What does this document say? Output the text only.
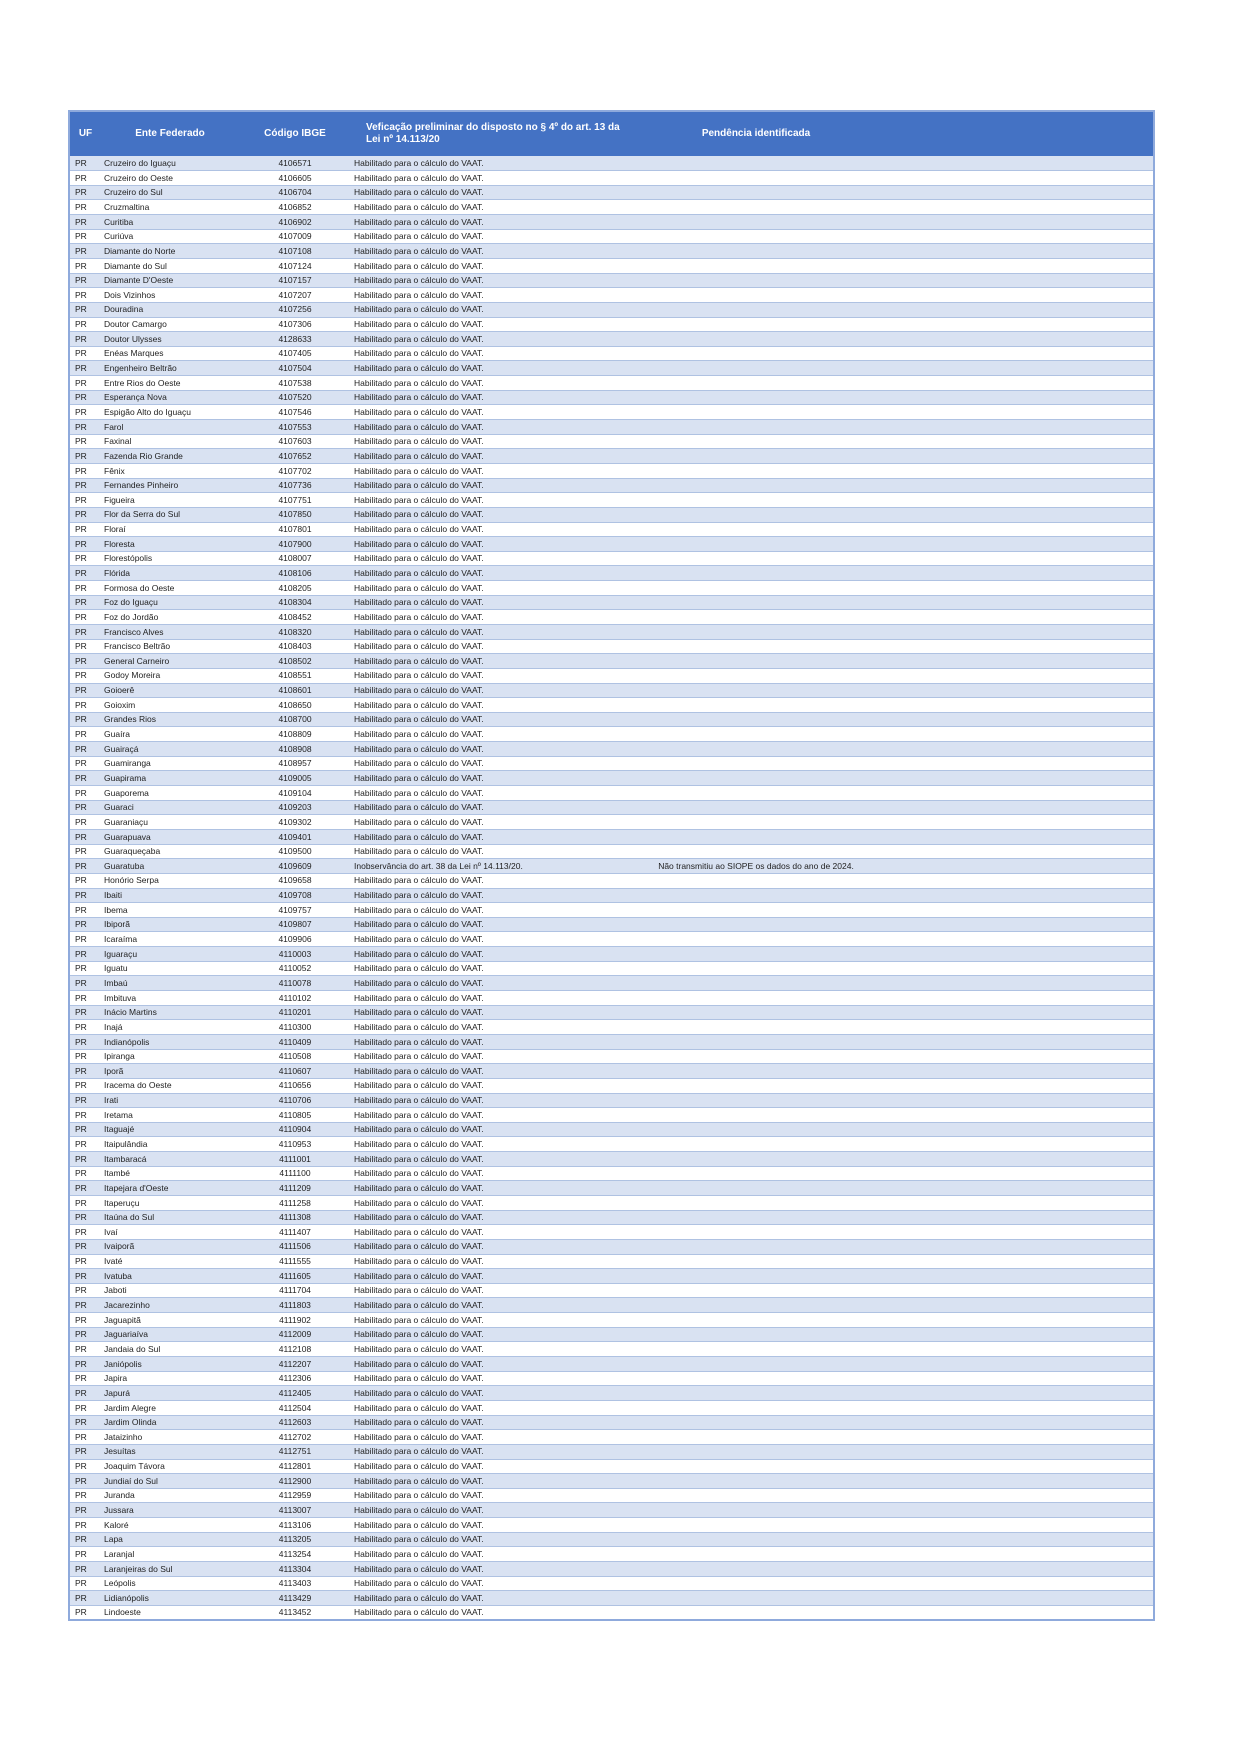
UF	Ente Federado	Código IBGE	Veficação preliminar do disposto no § 4º do art. 13 da Lei nº 14.113/20	Pendência identificada	
PR	Cruzeiro do Iguaçu	4106571	Habilitado para o cálculo do VAAT.		
PR	Cruzeiro do Oeste	4106605	Habilitado para o cálculo do VAAT.		
PR	Cruzeiro do Sul	4106704	Habilitado para o cálculo do VAAT.		
PR	Cruzmaltina	4106852	Habilitado para o cálculo do VAAT.		
PR	Curitiba	4106902	Habilitado para o cálculo do VAAT.		
PR	Curiúva	4107009	Habilitado para o cálculo do VAAT.		
PR	Diamante do Norte	4107108	Habilitado para o cálculo do VAAT.		
PR	Diamante do Sul	4107124	Habilitado para o cálculo do VAAT.		
PR	Diamante D'Oeste	4107157	Habilitado para o cálculo do VAAT.		
PR	Dois Vizinhos	4107207	Habilitado para o cálculo do VAAT.		
PR	Douradina	4107256	Habilitado para o cálculo do VAAT.		
PR	Doutor Camargo	4107306	Habilitado para o cálculo do VAAT.		
PR	Doutor Ulysses	4128633	Habilitado para o cálculo do VAAT.		
PR	Enéas Marques	4107405	Habilitado para o cálculo do VAAT.		
PR	Engenheiro Beltrão	4107504	Habilitado para o cálculo do VAAT.		
PR	Entre Rios do Oeste	4107538	Habilitado para o cálculo do VAAT.		
PR	Esperança Nova	4107520	Habilitado para o cálculo do VAAT.		
PR	Espigão Alto do Iguaçu	4107546	Habilitado para o cálculo do VAAT.		
PR	Farol	4107553	Habilitado para o cálculo do VAAT.		
PR	Faxinal	4107603	Habilitado para o cálculo do VAAT.		
PR	Fazenda Rio Grande	4107652	Habilitado para o cálculo do VAAT.		
PR	Fênix	4107702	Habilitado para o cálculo do VAAT.		
PR	Fernandes Pinheiro	4107736	Habilitado para o cálculo do VAAT.		
PR	Figueira	4107751	Habilitado para o cálculo do VAAT.		
PR	Flor da Serra do Sul	4107850	Habilitado para o cálculo do VAAT.		
PR	Floraí	4107801	Habilitado para o cálculo do VAAT.		
PR	Floresta	4107900	Habilitado para o cálculo do VAAT.		
PR	Florestópolis	4108007	Habilitado para o cálculo do VAAT.		
PR	Flórida	4108106	Habilitado para o cálculo do VAAT.		
PR	Formosa do Oeste	4108205	Habilitado para o cálculo do VAAT.		
PR	Foz do Iguaçu	4108304	Habilitado para o cálculo do VAAT.		
PR	Foz do Jordão	4108452	Habilitado para o cálculo do VAAT.		
PR	Francisco Alves	4108320	Habilitado para o cálculo do VAAT.		
PR	Francisco Beltrão	4108403	Habilitado para o cálculo do VAAT.		
PR	General Carneiro	4108502	Habilitado para o cálculo do VAAT.		
PR	Godoy Moreira	4108551	Habilitado para o cálculo do VAAT.		
PR	Goioerê	4108601	Habilitado para o cálculo do VAAT.		
PR	Goioxim	4108650	Habilitado para o cálculo do VAAT.		
PR	Grandes Rios	4108700	Habilitado para o cálculo do VAAT.		
PR	Guaíra	4108809	Habilitado para o cálculo do VAAT.		
PR	Guairaçá	4108908	Habilitado para o cálculo do VAAT.		
PR	Guamiranga	4108957	Habilitado para o cálculo do VAAT.		
PR	Guapirama	4109005	Habilitado para o cálculo do VAAT.		
PR	Guaporema	4109104	Habilitado para o cálculo do VAAT.		
PR	Guaraci	4109203	Habilitado para o cálculo do VAAT.		
PR	Guaraniaçu	4109302	Habilitado para o cálculo do VAAT.		
PR	Guarapuava	4109401	Habilitado para o cálculo do VAAT.		
PR	Guaraqueçaba	4109500	Habilitado para o cálculo do VAAT.		
PR	Guaratuba	4109609	Inobservância do art. 38 da Lei nº 14.113/20.	Não transmitiu ao SIOPE os dados do ano de 2024.	
PR	Honório Serpa	4109658	Habilitado para o cálculo do VAAT.		
PR	Ibaiti	4109708	Habilitado para o cálculo do VAAT.		
PR	Ibema	4109757	Habilitado para o cálculo do VAAT.		
PR	Ibiporã	4109807	Habilitado para o cálculo do VAAT.		
PR	Icaraíma	4109906	Habilitado para o cálculo do VAAT.		
PR	Iguaraçu	4110003	Habilitado para o cálculo do VAAT.		
PR	Iguatu	4110052	Habilitado para o cálculo do VAAT.		
PR	Imbaú	4110078	Habilitado para o cálculo do VAAT.		
PR	Imbituva	4110102	Habilitado para o cálculo do VAAT.		
PR	Inácio Martins	4110201	Habilitado para o cálculo do VAAT.		
PR	Inajá	4110300	Habilitado para o cálculo do VAAT.		
PR	Indianópolis	4110409	Habilitado para o cálculo do VAAT.		
PR	Ipiranga	4110508	Habilitado para o cálculo do VAAT.		
PR	Iporã	4110607	Habilitado para o cálculo do VAAT.		
PR	Iracema do Oeste	4110656	Habilitado para o cálculo do VAAT.		
PR	Irati	4110706	Habilitado para o cálculo do VAAT.		
PR	Iretama	4110805	Habilitado para o cálculo do VAAT.		
PR	Itaguajé	4110904	Habilitado para o cálculo do VAAT.		
PR	Itaipulândia	4110953	Habilitado para o cálculo do VAAT.		
PR	Itambaracá	4111001	Habilitado para o cálculo do VAAT.		
PR	Itambé	4111100	Habilitado para o cálculo do VAAT.		
PR	Itapejara d'Oeste	4111209	Habilitado para o cálculo do VAAT.		
PR	Itaperuçu	4111258	Habilitado para o cálculo do VAAT.		
PR	Itaúna do Sul	4111308	Habilitado para o cálculo do VAAT.		
PR	Ivaí	4111407	Habilitado para o cálculo do VAAT.		
PR	Ivaiporã	4111506	Habilitado para o cálculo do VAAT.		
PR	Ivaté	4111555	Habilitado para o cálculo do VAAT.		
PR	Ivatuba	4111605	Habilitado para o cálculo do VAAT.		
PR	Jaboti	4111704	Habilitado para o cálculo do VAAT.		
PR	Jacarezinho	4111803	Habilitado para o cálculo do VAAT.		
PR	Jaguapitã	4111902	Habilitado para o cálculo do VAAT.		
PR	Jaguariaíva	4112009	Habilitado para o cálculo do VAAT.		
PR	Jandaia do Sul	4112108	Habilitado para o cálculo do VAAT.		
PR	Janiópolis	4112207	Habilitado para o cálculo do VAAT.		
PR	Japira	4112306	Habilitado para o cálculo do VAAT.		
PR	Japurá	4112405	Habilitado para o cálculo do VAAT.		
PR	Jardim Alegre	4112504	Habilitado para o cálculo do VAAT.		
PR	Jardim Olinda	4112603	Habilitado para o cálculo do VAAT.		
PR	Jataizinho	4112702	Habilitado para o cálculo do VAAT.		
PR	Jesuítas	4112751	Habilitado para o cálculo do VAAT.		
PR	Joaquim Távora	4112801	Habilitado para o cálculo do VAAT.		
PR	Jundiaí do Sul	4112900	Habilitado para o cálculo do VAAT.		
PR	Juranda	4112959	Habilitado para o cálculo do VAAT.		
PR	Jussara	4113007	Habilitado para o cálculo do VAAT.		
PR	Kaloré	4113106	Habilitado para o cálculo do VAAT.		
PR	Lapa	4113205	Habilitado para o cálculo do VAAT.		
PR	Laranjal	4113254	Habilitado para o cálculo do VAAT.		
PR	Laranjeiras do Sul	4113304	Habilitado para o cálculo do VAAT.		
PR	Leópolis	4113403	Habilitado para o cálculo do VAAT.		
PR	Lidianópolis	4113429	Habilitado para o cálculo do VAAT.		
PR	Lindoeste	4113452	Habilitado para o cálculo do VAAT.		
